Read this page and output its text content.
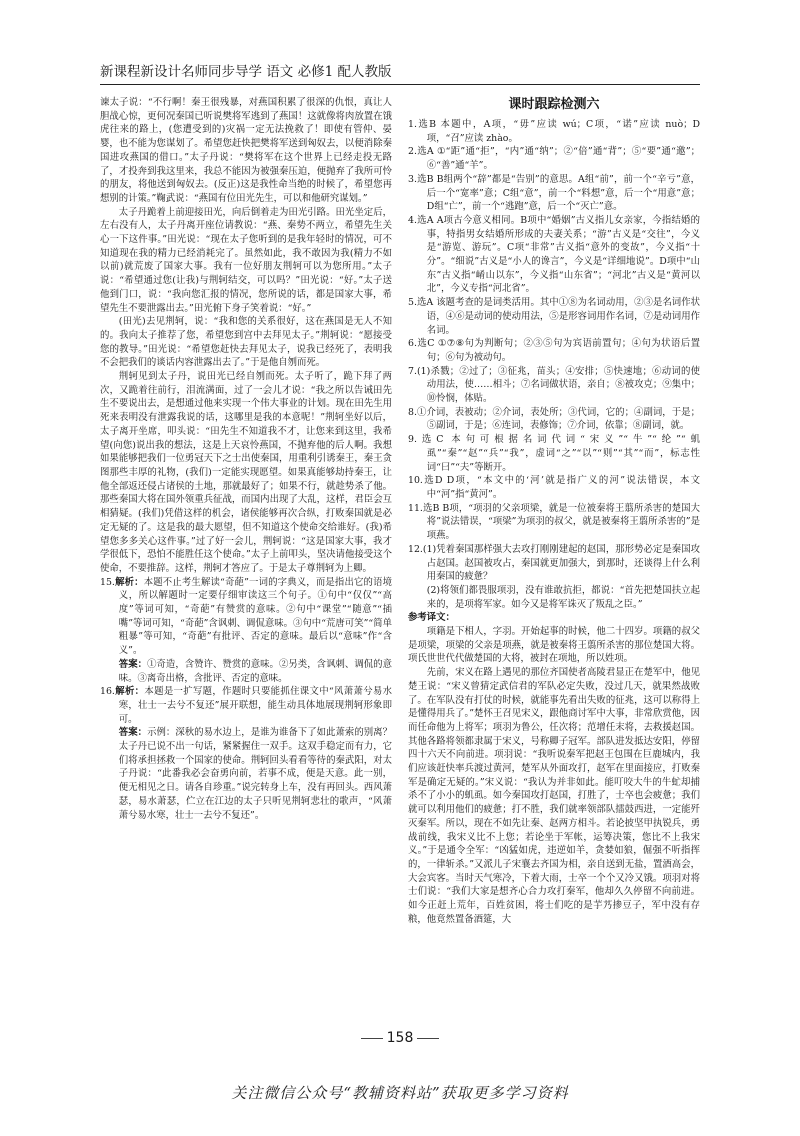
新课程新设计名师同步导学 语文 必修1 配人教版

谏太子说：“不行啊！秦王很残暴，对燕国积累了很深的仇恨，真让人胆战心惊，更何况秦国已听说樊将军逃到了燕国！这就像将肉放置在饿虎往来的路上，(您遭受到的)灾祸一定无法挽救了！即使有管仲、晏婴，也不能为您谋划了。希望您赶快把樊将军送到匈奴去，以便消除秦国进攻燕国的借口。”太子丹说：“樊将军在这个世界上已经走投无路了，才投奔到我这里来，我总不能因为被强秦压迫，便抛弃了我所可怜的朋友，将他送到匈奴去。(反正)这是我性命当绝的时候了，希望您再想别的计策。”鞠武说：“燕国有位田光先生，可以和他研究谋划。”

太子丹跪着上前迎接田光，向后倒着走为田光引路。田光坐定后，左右没有人，太子丹离开座位请教说：“燕、秦势不两立，希望先生关心一下这件事。”田光说：“现在太子您听到的是我年轻时的情况，可不知道现在我的精力已经消耗完了。虽然如此，我不敢因为我(精力不如以前)就荒废了国家大事。我有一位好朋友荆轲可以为您所用。”太子说：“希望通过您(让我)与荆轲结交，可以吗？”田光说：“好。”太子送他到门口，说：“我向您汇报的情况，您所说的话，都是国家大事，希望先生不要泄露出去。”田光俯下身子笑着说：“好。”

(田光)去见荆轲，说：“我和您的关系很好，这在燕国是无人不知的。我向太子推荐了您，希望您到宫中去拜见太子。”荆轲说：“愿接受您的教导。”田光说：“希望您赶快去拜见太子，说我已经死了，表明我不会把我们的谈话内容泄露出去了。”于是他自刎而死。

荆轲见到太子丹，说田光已经自刎而死。太子听了，跪下拜了两次，又跪着往前行，泪流满面，过了一会儿才说：“我之所以告诫田先生不要说出去，是想通过他来实现一个伟大事业的计划。现在田先生用死来表明没有泄露我说的话，这哪里是我的本意呢！”荆轲坐好以后，太子离开坐席，叩头说：“田先生不知道我不才，让您来到这里，我希望(向您)说出我的想法，这是上天哀怜燕国，不抛弃他的后人啊。我想如果能够把我们一位勇冠天下之士出使秦国，用重利引诱秦王，秦王贪图那些丰厚的礼物，(我们)一定能实现愿望。如果真能够劫持秦王，让他全部返还侵占诸侯的土地，那就最好了；如果不行，就趁势杀了他。那些秦国大将在国外领重兵征战，而国内出现了大乱，这样，君臣会互相猜疑。(我们)凭借这样的机会，诸侯能够再次合纵，打败秦国就是必定无疑的了。这是我的最大愿望，但不知道这个使命交给谁好。(我)希望您多多关心这件事。”过了好一会儿，荆轲说：“这是国家大事，我才学很低下，恐怕不能胜任这个使命。”太子上前叩头，坚决请他接受这个使命，不要推辞。这样，荆轲才答应了。于是太子尊荆轲为上卿。

15.解析：本题不止考生解读“奇葩”一词的字典义，而是指出它的语境义，所以解题时一定要仔细审读这三个句子。①句中“仅仅”“高度”等词可知，“奇葩”有赞赏的意味。②句中“课堂”“随意”“插嘴”等词可知，“奇葩”含讽刺、调侃意味。③句中“荒唐可笑”“简单粗暴”等可知，“奇葩”有批评、否定的意味。最后以“意味”作“含义”。

答案：①奇造，含赞许、赞赏的意味。②另类，含讽刺、调侃的意味。③离奇出格，含批评、否定的意味。

16.解析：本题是一扩写题，作题时只要能抓住课文中“风萧萧兮易水寒，壮士一去兮不复还”展开联想，能生动具体地展现荆轲形象即可。

答案：示例：深秋的易水边上，是谁为谁备下了如此萧索的别离？太子丹已说不出一句话，紧紧握住一双手。这双手稳定而有力，它们将承担拯救一个国家的使命。荆轲回头看看等待的秦武阳，对太子丹说：“此番我必会奋勇向前，若事不成，便是天意。此一别，便无相见之日。请各自珍重。”说完转身上车，没有再回头。西风萧瑟，易水萧瑟，伫立在江边的太子只听见荆轲悲壮的歌声，“风萧萧兮易水寒，壮士一去兮不复还”。

课时跟踪检测六

1.选B 本题中，A项，“毋”应读 wú；C项，“诺”应读 nuò；D项，“召”应读 zhào。

2.选A ①“距”通“拒”，“内”通“纳”；②“倍”通“背”；⑤“要”通“邀”；⑥“善”通“羊”。

3.选B B组两个“辞”都是“告别”的意思。A组“前”，前一个“辛亏”意，后一个“宽率”意；C组“意”，前一个“料想”意，后一个“用意”意；D组“亡”，前一个“逃跑”意，后一个“灭亡”意。

4.选A A项古今意义相同。B项中“婚姻”古义指儿女亲家，今指结婚的事，特指男女结婚所形成的夫妻关系；“游”古义是“交往”，今义是“游览、游玩”。C项“非常”古义指“意外的变故”，今义指“十分”。“细说”古义是“小人的谗言”，今义是“详细地说”。D项中“山东”古义指“崤山以东”，今义指“山东省”；“河北”古义是“黄河以北”，今义专指“河北省”。

5.选A 该题考查的是词类活用。其中①⑧为名词动用，②③是名词作状语，④⑥是动词的使动用法，⑤是形容词用作名词，⑦是动词用作名词。

6.选C ①⑦⑧句为判断句；②③⑤句为宾语前置句；④句为状语后置句；⑥句为被动句。

7.(1)杀戮；②过了；③征兆，苗头；④安排；⑤快速地；⑥动词的使动用法，使……相斗；⑦名词做状语，亲自；⑧被攻克；⑨集中；⑩怜悯，体贴。

8.①介词，表被动；②介词，表处所；③代词，它的；④副词，于是；⑤副词，于是；⑥连词，表修饰；⑦介词，依靠；⑧副词，就。

9.选C 本句可根据名词代词“宋义”“牛”“纶”“虮虱”“秦”“赵”“兵”“我”，虚词“之”“以”“则”“其”“而”，标志性词“曰”“夫”等断开。

10.选D D项，“本文中的‘河’就是指广义的河”说法错误，本文中“河”指“黄河”。

11.选B B项，“项羽的父亲项梁，就是一位被秦将王翦所杀害的楚国大将”说法错误，“项梁”为项羽的叔父，就是被秦将王翦所杀害的”是项燕。

12.(1)凭着秦国那样强大去攻打刚刚建起的赵国，那形势必定是秦国攻占赵国。赵国被攻占，秦国就更加强大，到那时，还谈得上什么利用秦国的疲惫？

(2)将领们都畏服项羽，没有谁敢抗拒，都说：“首先把楚国扶立起来的，是项将军家。如今又是将军诛灭了叛乱之臣。”

参考译文：

项籍是下相人，字羽。开始起事的时候，他二十四岁。项籍的叔父是项梁，项梁的父亲是项燕，就是被秦将王翦所杀害的那位楚国大将。项氏世世代代做楚国的大将，被封在项地，所以姓项。

先前，宋义在路上遇见的那位齐国使者高陵君显正在楚军中，他见楚王说：“宋义曾猜定武信君的军队必定失败，没过几天，就果然战败了。在军队没有打仗的时候，就能事先看出失败的征兆，这可以称得上是懂得用兵了。”楚怀王召见宋义，跟他商讨军中大事，非常欣赏他，因而任命他为上将军；项羽为鲁公，任次将；范增任末将，去救援赵国。其他各路将领都隶属于宋义，号称卿子冠军。部队进发抵达安阳，停留四十六天不向前进。项羽说：“我听说秦军把赵王包围在巨鹿城内，我们应该赶快率兵渡过黄河，楚军从外面攻打，赵军在里面接应，打败秦军是确定无疑的。”宋义说：“我认为并非如此。能叮咬大牛的牛虻却捕杀不了小小的虮虱。如今秦国攻打赵国，打胜了，士卒也会疲惫；我们就可以利用他们的疲惫；打不胜，我们就率领部队擂鼓西进，一定能歼灭秦军。所以，现在不如先让秦、赵两方相斗。若论披坚甲执锐兵，勇战前线，我宋义比不上您；若论坐于军帐，运筹决策，您比不上我宋义。”于是通令全军：“凶猛如虎，违逆如羊，贪婪如狼，倔强不听指挥的，一律斩杀。”又派儿子宋襄去齐国为相，亲自送到无盐，置酒高会，大会宾客。当时天气寒冷，下着大雨，士卒一个个又冷又饿。项羽对将士们说：“我们大家是想齐心合力攻打秦军，他却久久停留不向前进。如今正赶上荒年，百姓贫困，将士们吃的是芋艿掺豆子，军中没有存粮，他竟然置备酒筵，大

158
关注微信公众号“教辅资料站”获取更多学习资料
